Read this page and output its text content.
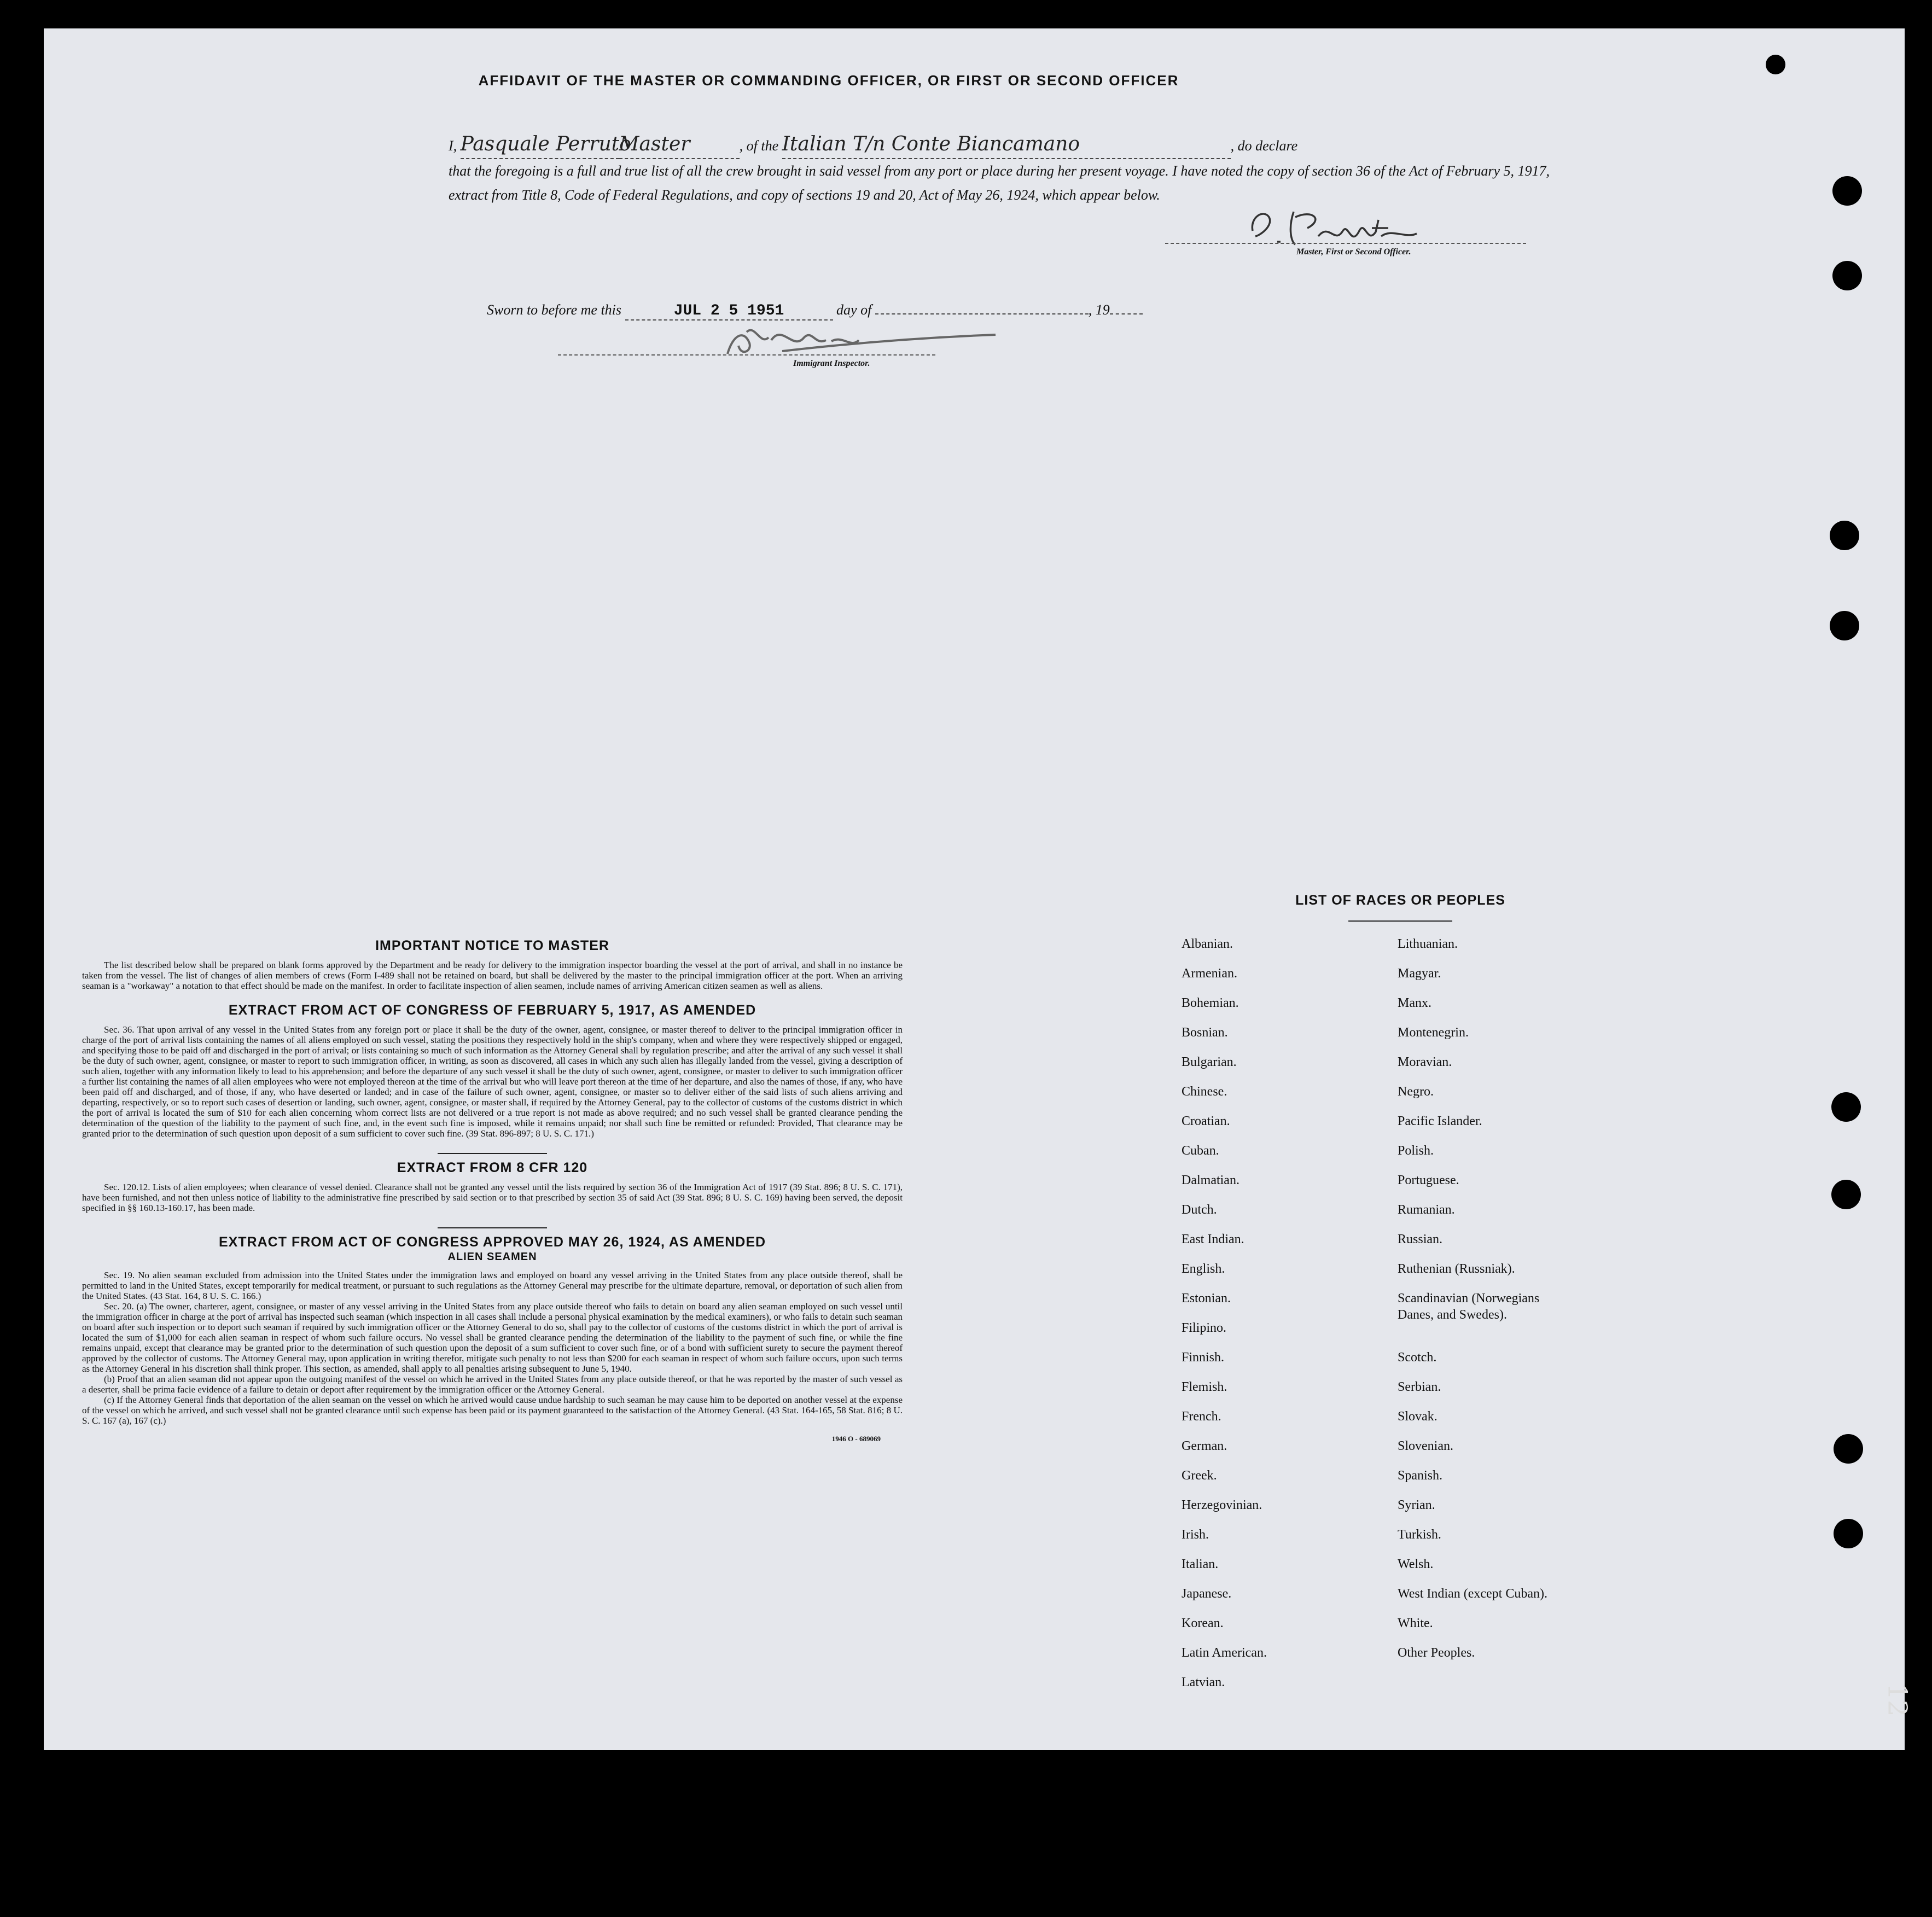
AFFIDAVIT OF THE MASTER OR COMMANDING OFFICER, OR FIRST OR SECOND OFFICER
I, Pasquale PerrutoMaster	, of the Italian T/n Conte Biancamano	, do declare
that the foregoing is a full and true list of all the crew brought in said vessel from any port or place during her present voyage. I have noted the copy of section 36 of the Act of February 5, 1917, extract from Title 8, Code of Federal Regulations, and copy of sections 19 and 20, Act of May 26, 1924, which appear below.
Master, First or Second Officer.
Sworn to before me this	JUL 2 5 1951	day of	, 19
Immigrant Inspector.
IMPORTANT NOTICE TO MASTER

The list described below shall be prepared on blank forms approved by the Department and be ready for delivery to the immigration inspector boarding the vessel at the port of arrival, and shall in no instance be taken from the vessel. The list of changes of alien members of crews (Form I-489 shall not be retained on board, but shall be delivered by the master to the principal immigration officer at the port. When an arriving seaman is a "workaway" a notation to that effect should be made on the manifest. In order to facilitate inspection of alien seamen, include names of arriving American citizen seamen as well as aliens.

EXTRACT FROM ACT OF CONGRESS OF FEBRUARY 5, 1917, AS AMENDED

Sec. 36. That upon arrival of any vessel in the United States from any foreign port or place it shall be the duty of the owner, agent, consignee, or master thereof to deliver to the principal immigration officer in charge of the port of arrival lists containing the names of all aliens employed on such vessel, stating the positions they respectively hold in the ship's company, when and where they were respectively shipped or engaged, and specifying those to be paid off and discharged in the port of arrival; or lists containing so much of such information as the Attorney General shall by regulation prescribe; and after the arrival of any such vessel it shall be the duty of such owner, agent, consignee, or master to report to such immigration officer, in writing, as soon as discovered, all cases in which any such alien has illegally landed from the vessel, giving a description of such alien, together with any information likely to lead to his apprehension; and before the departure of any such vessel it shall be the duty of such owner, agent, consignee, or master to deliver to such immigration officer a further list containing the names of all alien employees who were not employed thereon at the time of the arrival but who will leave port thereon at the time of her departure, and also the names of those, if any, who have been paid off and discharged, and of those, if any, who have deserted or landed; and in case of the failure of such owner, agent, consignee, or master so to deliver either of the said lists of such aliens arriving and departing, respectively, or so to report such cases of desertion or landing, such owner, agent, consignee, or master shall, if required by the Attorney General, pay to the collector of customs of the customs district in which the port of arrival is located the sum of $10 for each alien concerning whom correct lists are not delivered or a true report is not made as above required; and no such vessel shall be granted clearance pending the determination of the question of the liability to the payment of such fine, and, in the event such fine is imposed, while it remains unpaid; nor shall such fine be remitted or refunded: Provided, That clearance may be granted prior to the determination of such question upon deposit of a sum sufficient to cover such fine. (39 Stat. 896-897; 8 U. S. C. 171.)

EXTRACT FROM 8 CFR 120

Sec. 120.12. Lists of alien employees; when clearance of vessel denied. Clearance shall not be granted any vessel until the lists required by section 36 of the Immigration Act of 1917 (39 Stat. 896; 8 U. S. C. 171), have been furnished, and not then unless notice of liability to the administrative fine prescribed by said section or to that prescribed by section 35 of said Act (39 Stat. 896; 8 U. S. C. 169) having been served, the deposit specified in §§ 160.13-160.17, has been made.

EXTRACT FROM ACT OF CONGRESS APPROVED MAY 26, 1924, AS AMENDED
ALIEN SEAMEN

Sec. 19. No alien seaman excluded from admission into the United States under the immigration laws and employed on board any vessel arriving in the United States from any place outside thereof, shall be permitted to land in the United States, except temporarily for medical treatment, or pursuant to such regulations as the Attorney General may prescribe for the ultimate departure, removal, or deportation of such alien from the United States. (43 Stat. 164, 8 U. S. C. 166.)

Sec. 20. (a) The owner, charterer, agent, consignee, or master of any vessel arriving in the United States from any place outside thereof who fails to detain on board any alien seaman employed on such vessel until the immigration officer in charge at the port of arrival has inspected such seaman (which inspection in all cases shall include a personal physical examination by the medical examiners), or who fails to detain such seaman on board after such inspection or to deport such seaman if required by such immigration officer or the Attorney General to do so, shall pay to the collector of customs of the customs district in which the port of arrival is located the sum of $1,000 for each alien seaman in respect of whom such failure occurs. No vessel shall be granted clearance pending the determination of the liability to the payment of such fine, or while the fine remains unpaid, except that clearance may be granted prior to the determination of such question upon the deposit of a sum sufficient to cover such fine, or of a bond with sufficient surety to secure the payment thereof approved by the collector of customs. The Attorney General may, upon application in writing therefor, mitigate such penalty to not less than $200 for each seaman in respect of whom such failure occurs, upon such terms as the Attorney General in his discretion shall think proper. This section, as amended, shall apply to all penalties arising subsequent to June 5, 1940.

(b) Proof that an alien seaman did not appear upon the outgoing manifest of the vessel on which he arrived in the United States from any place outside thereof, or that he was reported by the master of such vessel as a deserter, shall be prima facie evidence of a failure to detain or deport after requirement by the immigration officer or the Attorney General.

(c) If the Attorney General finds that deportation of the alien seaman on the vessel on which he arrived would cause undue hardship to such seaman he may cause him to be deported on another vessel at the expense of the vessel on which he arrived, and such vessel shall not be granted clearance until such expense has been paid or its payment guaranteed to the satisfaction of the Attorney General. (43 Stat. 164-165, 58 Stat. 816; 8 U. S. C. 167 (a), 167 (c).)

1946 O - 689069
LIST OF RACES OR PEOPLES
Albanian.
Armenian.
Bohemian.
Bosnian.
Bulgarian.
Chinese.
Croatian.
Cuban.
Dalmatian.
Dutch.
East Indian.
English.
Estonian.
Filipino.
Finnish.
Flemish.
French.
German.
Greek.
Herzegovinian.
Irish.
Italian.
Japanese.
Korean.
Latin American.
Latvian.
Lithuanian.
Magyar.
Manx.
Montenegrin.
Moravian.
Negro.
Pacific Islander.
Polish.
Portuguese.
Rumanian.
Russian.
Ruthenian (Russniak).
Scandinavian (Norwegians Danes, and Swedes).
Scotch.
Serbian.
Slovak.
Slovenian.
Spanish.
Syrian.
Turkish.
Welsh.
West Indian (except Cuban).
White.
Other Peoples.
12
